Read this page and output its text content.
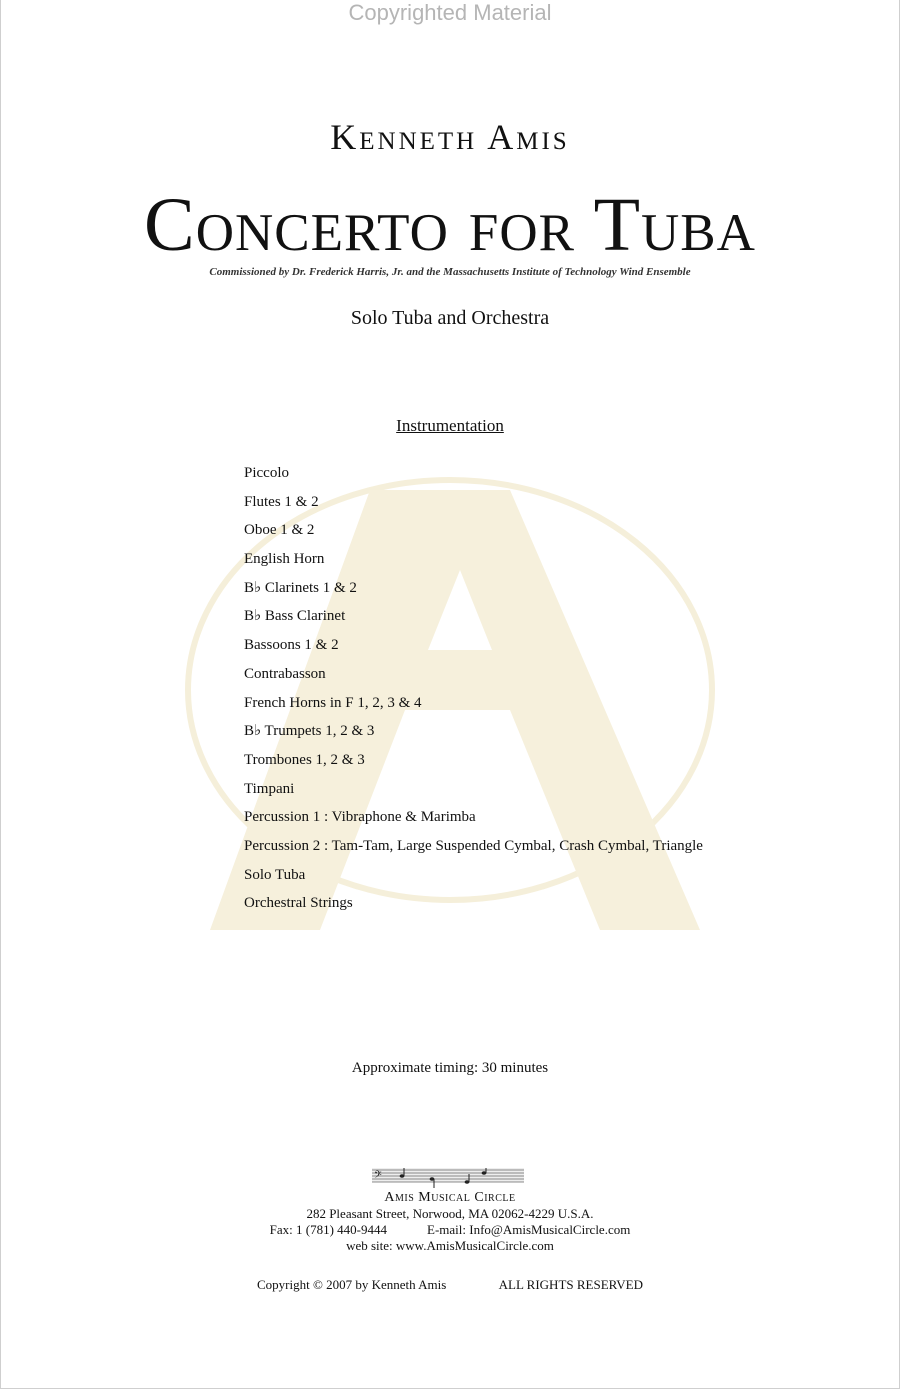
Copyrighted Material
Kenneth Amis
Concerto for Tuba
Commissioned by Dr. Frederick Harris, Jr. and the Massachusetts Institute of Technology Wind Ensemble
Solo Tuba and Orchestra
Instrumentation
Piccolo
Flutes 1 & 2
Oboe 1 & 2
English Horn
B♭ Clarinets 1 & 2
B♭ Bass Clarinet
Bassoons 1 & 2
Contrabasson
French Horns in F 1, 2, 3 & 4
B♭ Trumpets 1, 2 & 3
Trombones 1, 2 & 3
Timpani
Percussion 1 : Vibraphone & Marimba
Percussion 2 : Tam-Tam, Large Suspended Cymbal, Crash Cymbal, Triangle
Solo Tuba
Orchestral Strings
Approximate timing: 30 minutes
𝄢
Amis Musical Circle
282 Pleasant Street, Norwood, MA 02062-4229 U.S.A.
Fax: 1 (781) 440-9444	E-mail: Info@AmisMusicalCircle.com
web site: www.AmisMusicalCircle.com
Copyright © 2007 by Kenneth Amis	ALL RIGHTS RESERVED
